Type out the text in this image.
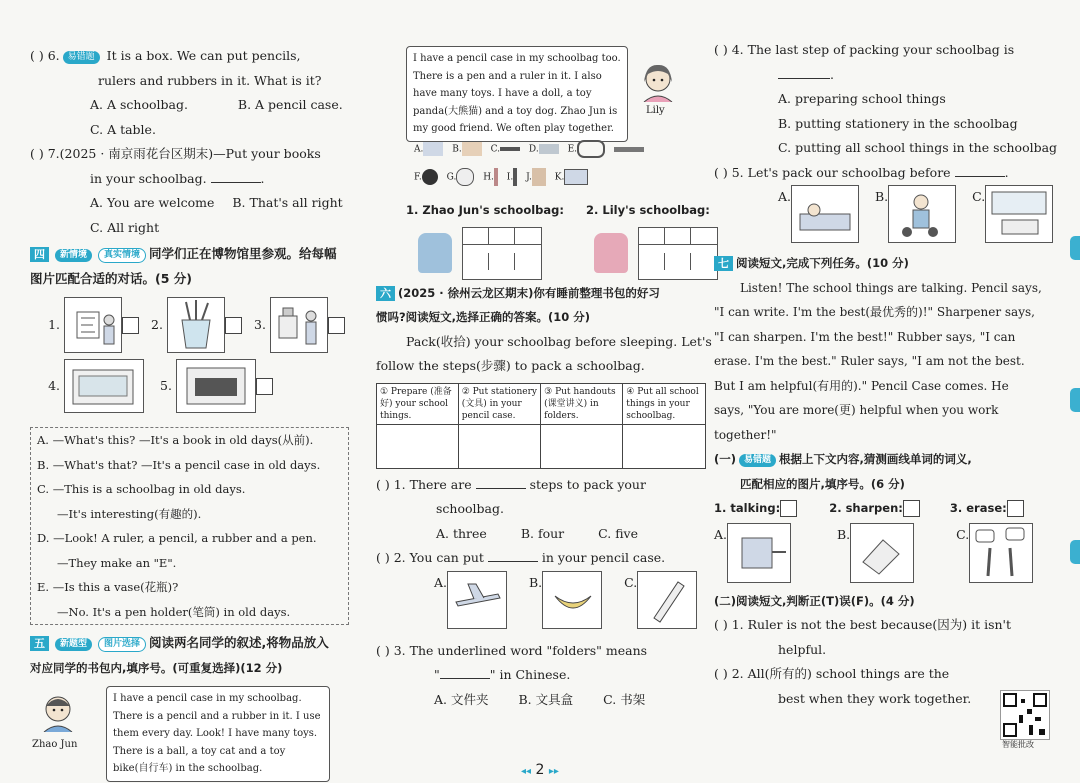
( ) 6. 易错题 It is a box. We can put pencils,
rulers and rubbers in it. What is it?
A. A schoolbag.	B. A pencil case.
C. A table.
( ) 7.(2025 · 南京雨花台区期末)—Put your books
in your schoolbag.	.
A. You are welcome B. That's all right
C. All right
四 新情境 真实情境 同学们正在博物馆里参观。给每幅
图片匹配合适的对话。(5 分)
1.	2.	3.
4.	5.
A. —What's this? —It's a book in old days(从前).
B. —What's that? —It's a pencil case in old days.
C. —This is a schoolbag in old days.
—It's interesting(有趣的).
D. —Look! A ruler, a pencil, a rubber and a pen.
—They make an "E".
E. —Is this a vase(花瓶)?
—No. It's a pen holder(笔筒) in old days.
五 新题型 图片选择 阅读两名同学的叙述,将物品放入
对应同学的书包内,填序号。(可重复选择)(12 分)
Zhao Jun
I have a pencil case in my schoolbag. There is a pencil and a rubber in it. I use them every day. Look! I have many toys. There is a ball, a toy cat and a toy bike(自行车) in the schoolbag.
I have a pencil case in my schoolbag too. There is a pen and a ruler in it. I also have many toys. I have a doll, a toy panda(大熊猫) and a toy dog. Zhao Jun is my good friend. We often play together.
Lily
A.	B.	C.	D.	E.
F.	G.	H. I. J.	K.
1. Zhao Jun's schoolbag: 2. Lily's schoolbag:

六 (2025 · 徐州云龙区期末)你有睡前整理书包的好习
惯吗?阅读短文,选择正确的答案。(10 分)
Pack(收拾) your schoolbag before sleeping. Let's
follow the steps(步骤) to pack a schoolbag.
① Prepare (准备好) your school things.	② Put stationery (文具) in your pencil case.	③ Put handouts (课堂讲义) in folders.	④ Put all school things in your schoolbag.

( ) 1. There are	steps to pack your
schoolbag.
A. three	B. four	C. five
( ) 2. You can put	in your pencil case.
A.	B.	C.
( ) 3. The underlined word "folders" means
"	" in Chinese.
A. 文件夹 B. 文具盒 C. 书架
( ) 4. The last step of packing your schoolbag is
.
A. preparing school things
B. putting stationery in the schoolbag
C. putting all school things in the schoolbag
( ) 5. Let's pack our schoolbag before	.
A.	B.	C.
七 阅读短文,完成下列任务。(10 分)
Listen! The school things are talking. Pencil says,
"I can write. I'm the best(最优秀的)!" Sharpener says,
"I can sharpen. I'm the best!" Rubber says, "I can
erase. I'm the best." Ruler says, "I am not the best.
But I am helpful(有用的)." Pencil Case comes. He
says, "You are more(更) helpful when you work
together!"
(一) 易错题 根据上下文内容,猜测画线单词的词义,
匹配相应的图片,填序号。(6 分)
1. talking:	2. sharpen:	3. erase:
A.	B.	C.
(二)阅读短文,判断正(T)误(F)。(4 分)
( ) 1. Ruler is not the best because(因为) it isn't
helpful.
( ) 2. All(所有的) school things are the
best when they work together.
智能批改
◂◂ 2 ▸▸
